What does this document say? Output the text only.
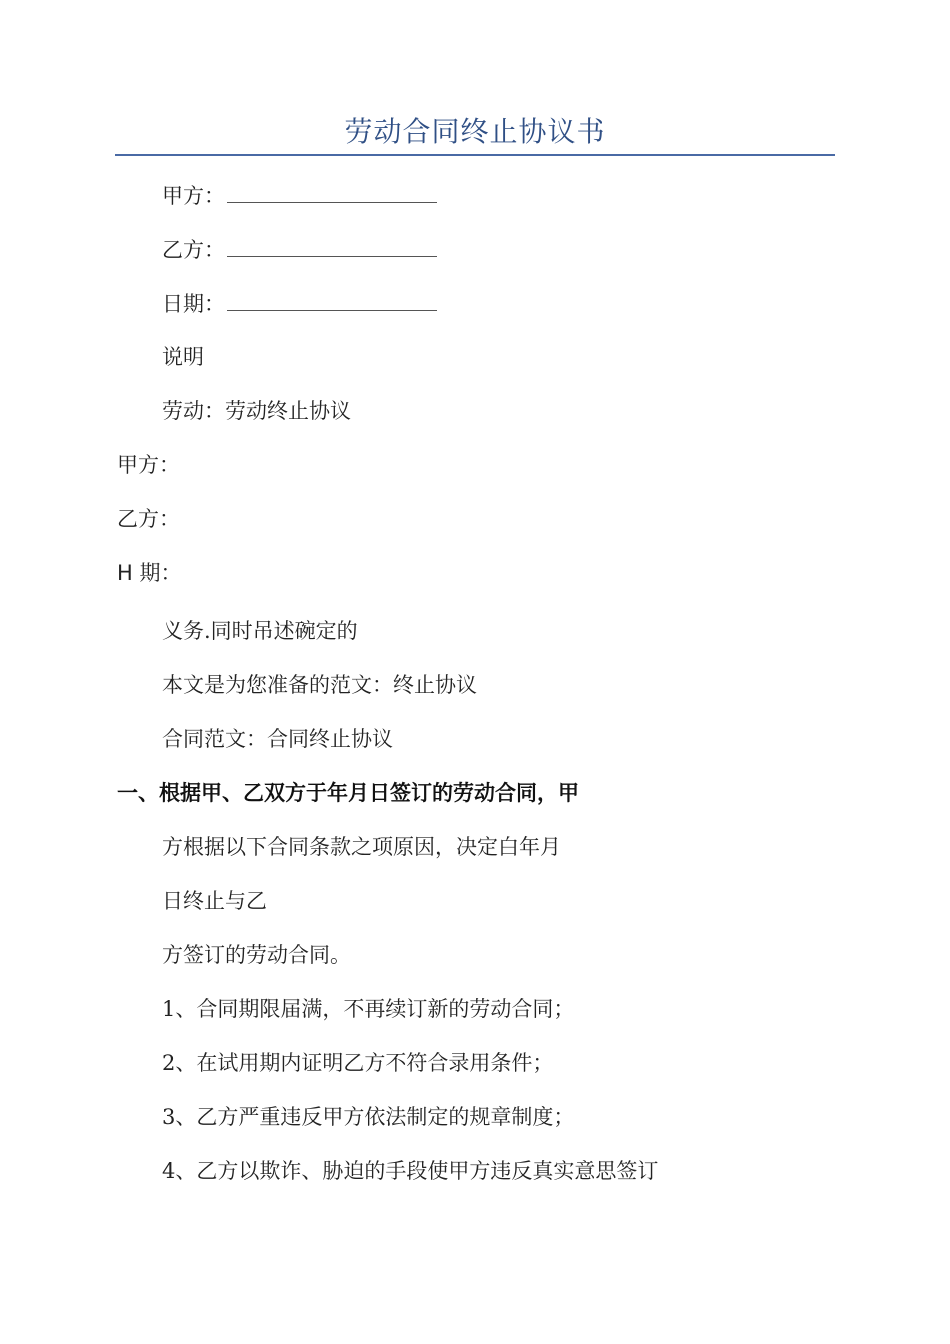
劳动合同终止协议书
甲方：
乙方：
日期：
说明
劳动：劳动终止协议
甲方：
乙方：
H 期：
义务.同时吊述碗定的
本文是为您准备的范文：终止协议
合同范文：合同终止协议
一、根据甲、乙双方于年月日签订的劳动合同，甲
方根据以下合同条款之项原因，决定白年月
日终止与乙
方签订的劳动合同。
1、合同期限届满，不再续订新的劳动合同；
2、在试用期内证明乙方不符合录用条件；
3、乙方严重违反甲方依法制定的规章制度；
4、乙方以欺诈、胁迫的手段使甲方违反真实意思签订
